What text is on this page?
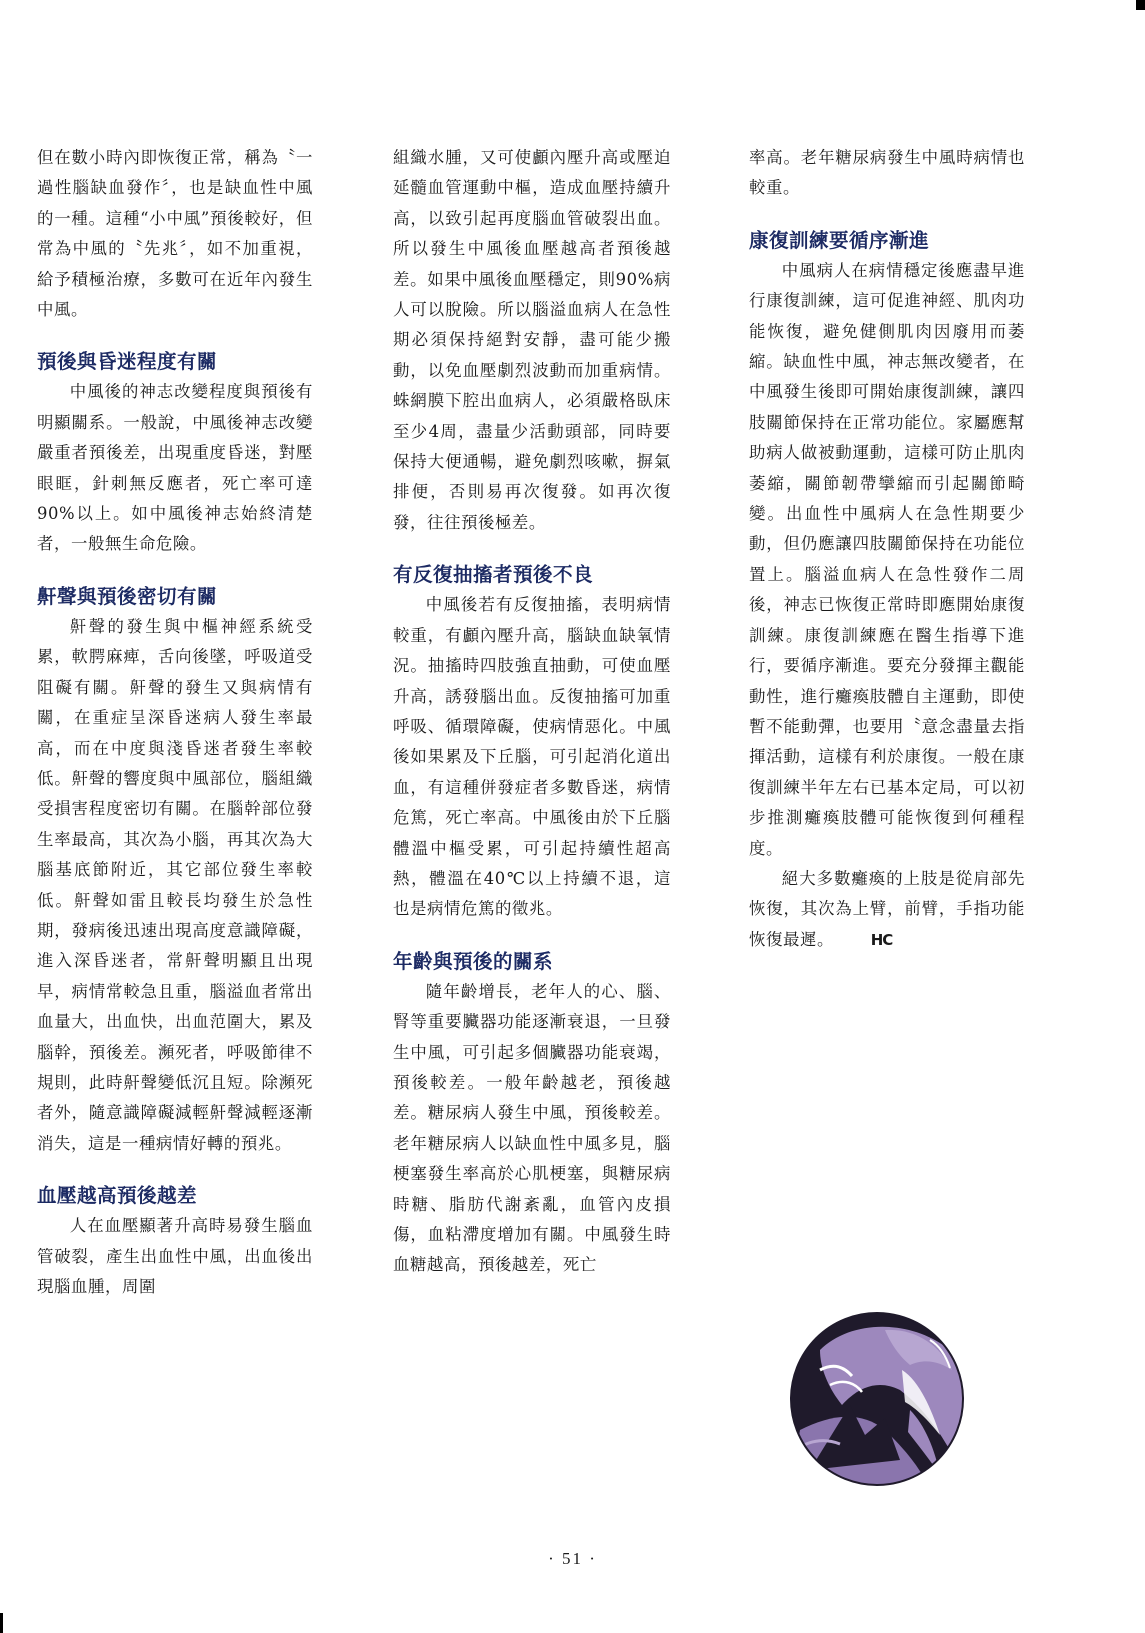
但在數小時內即恢復正常，稱為〝一過性腦缺血發作〞，也是缺血性中風的一種。這種“小中風”預後較好，但常為中風的〝先兆〞，如不加重視，給予積極治療，多數可在近年內發生中風。

預後與昏迷程度有關

中風後的神志改變程度與預後有明顯關系。一般說，中風後神志改變嚴重者預後差，出現重度昏迷，對壓眼眶，針刺無反應者，死亡率可達90%以上。如中風後神志始終清楚者，一般無生命危險。

鼾聲與預後密切有關

鼾聲的發生與中樞神經系統受累，軟腭麻痺，舌向後墜，呼吸道受阻礙有關。鼾聲的發生又與病情有關，在重症呈深昏迷病人發生率最高，而在中度與淺昏迷者發生率較低。鼾聲的響度與中風部位，腦組織受損害程度密切有關。在腦幹部位發生率最高，其次為小腦，再其次為大腦基底節附近，其它部位發生率較低。鼾聲如雷且較長均發生於急性期，發病後迅速出現高度意識障礙，進入深昏迷者，常鼾聲明顯且出現早，病情常較急且重，腦溢血者常出血量大，出血快，出血范圍大，累及腦幹，預後差。瀕死者，呼吸節律不規則，此時鼾聲變低沉且短。除瀕死者外，隨意識障礙減輕鼾聲減輕逐漸消失，這是一種病情好轉的預兆。

血壓越高預後越差

人在血壓顯著升高時易發生腦血管破裂，產生出血性中風，出血後出現腦血腫，周圍

組織水腫，又可使顱內壓升高或壓迫延髓血管運動中樞，造成血壓持續升高，以致引起再度腦血管破裂出血。所以發生中風後血壓越高者預後越差。如果中風後血壓穩定，則90%病人可以脫險。所以腦溢血病人在急性期必須保持絕對安靜，盡可能少搬動，以免血壓劇烈波動而加重病情。蛛網膜下腔出血病人，必須嚴格臥床至少4周，盡量少活動頭部，同時要保持大便通暢，避免劇烈咳嗽，摒氣排便，否則易再次復發。如再次復發，往往預後極差。

有反復抽搐者預後不良

中風後若有反復抽搐，表明病情較重，有顱內壓升高，腦缺血缺氧情況。抽搐時四肢強直抽動，可使血壓升高，誘發腦出血。反復抽搐可加重呼吸、循環障礙，使病情惡化。中風後如果累及下丘腦，可引起消化道出血，有這種併發症者多數昏迷，病情危篤，死亡率高。中風後由於下丘腦體溫中樞受累，可引起持續性超高熱，體溫在40℃以上持續不退，這也是病情危篤的徵兆。

年齡與預後的關系

隨年齡增長，老年人的心、腦、腎等重要臟器功能逐漸衰退，一旦發生中風，可引起多個臟器功能衰竭，預後較差。一般年齡越老，預後越差。糖尿病人發生中風，預後較差。老年糖尿病人以缺血性中風多見，腦梗塞發生率高於心肌梗塞，與糖尿病時糖、脂肪代謝紊亂，血管內皮損傷，血粘滯度增加有關。中風發生時血糖越高，預後越差，死亡

率高。老年糖尿病發生中風時病情也較重。

康復訓練要循序漸進

中風病人在病情穩定後應盡早進行康復訓練，這可促進神經、肌肉功能恢復，避免健側肌肉因廢用而萎縮。缺血性中風，神志無改變者，在中風發生後即可開始康復訓練，讓四肢關節保持在正常功能位。家屬應幫助病人做被動運動，這樣可防止肌肉萎縮，關節韌帶攣縮而引起關節畸變。出血性中風病人在急性期要少動，但仍應讓四肢關節保持在功能位置上。腦溢血病人在急性發作二周後，神志已恢復正常時即應開始康復訓練。康復訓練應在醫生指導下進行，要循序漸進。要充分發揮主觀能動性，進行癱瘓肢體自主運動，即使暫不能動彈，也要用〝意念盡量去指揮活動，這樣有利於康復。一般在康復訓練半年左右已基本定局，可以初步推測癱瘓肢體可能恢復到何種程度。

絕大多數癱瘓的上肢是從肩部先恢復，其次為上臂，前臂，手指功能恢復最遲。 HC

· 51 ·
